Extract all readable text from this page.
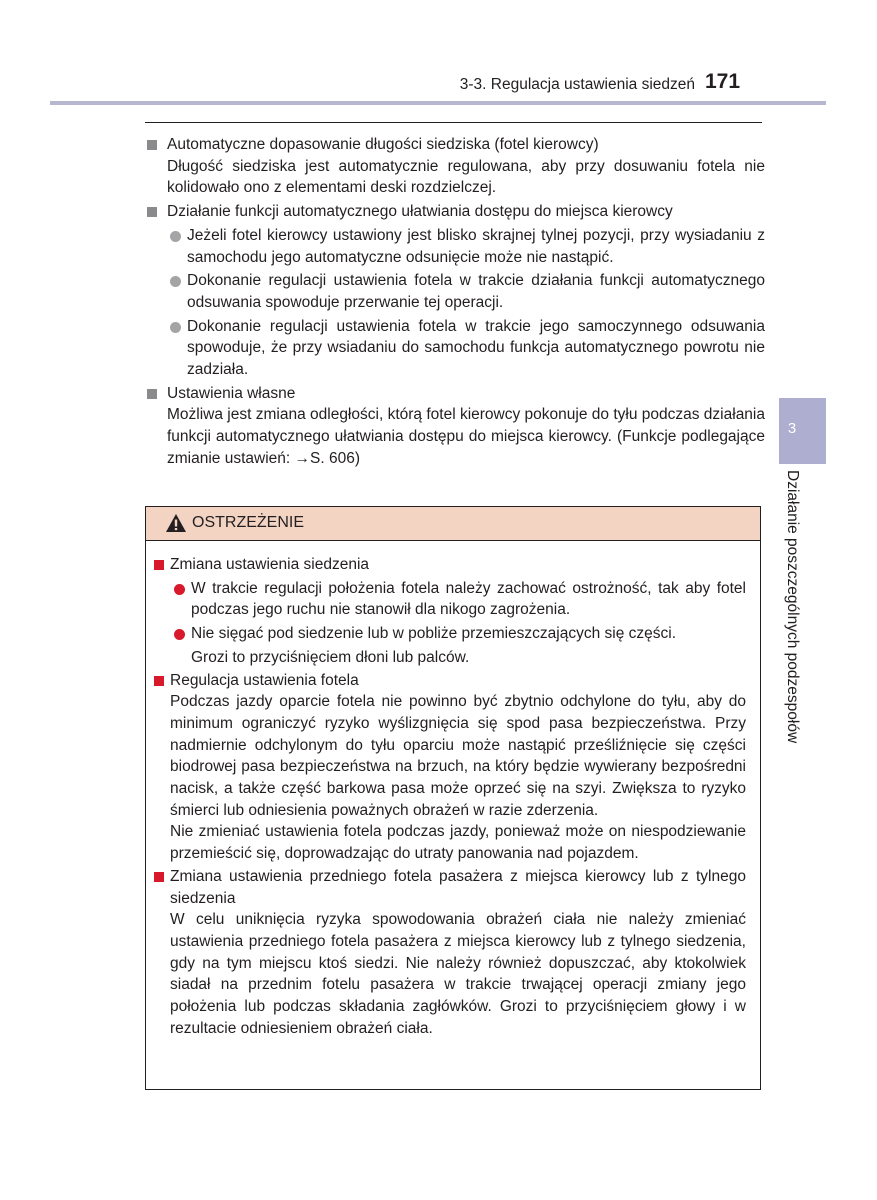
3-3. Regulacja ustawienia siedzeń 171
3
Działanie poszczególnych podzespołów
Automatyczne dopasowanie długości siedziska (fotel kierowcy)
Długość siedziska jest automatycznie regulowana, aby przy dosuwaniu fotela nie kolidowało ono z elementami deski rozdzielczej.
Działanie funkcji automatycznego ułatwiania dostępu do miejsca kierowcy
Jeżeli fotel kierowcy ustawiony jest blisko skrajnej tylnej pozycji, przy wysiadaniu z samochodu jego automatyczne odsunięcie może nie nastąpić.
Dokonanie regulacji ustawienia fotela w trakcie działania funkcji automatycznego odsuwania spowoduje przerwanie tej operacji.
Dokonanie regulacji ustawienia fotela w trakcie jego samoczynnego odsuwania spowoduje, że przy wsiadaniu do samochodu funkcja automatycznego powrotu nie zadziała.
Ustawienia własne
Możliwa jest zmiana odległości, którą fotel kierowcy pokonuje do tyłu podczas działania funkcji automatycznego ułatwiania dostępu do miejsca kierowcy. (Funkcje podlegające zmianie ustawień: →S. 606)
OSTRZEŻENIE
Zmiana ustawienia siedzenia
W trakcie regulacji położenia fotela należy zachować ostrożność, tak aby fotel podczas jego ruchu nie stanowił dla nikogo zagrożenia.
Nie sięgać pod siedzenie lub w pobliże przemieszczających się części.
Grozi to przyciśnięciem dłoni lub palców.
Regulacja ustawienia fotela

Podczas jazdy oparcie fotela nie powinno być zbytnio odchylone do tyłu, aby do minimum ograniczyć ryzyko wyślizgnięcia się spod pasa bezpieczeństwa. Przy nadmiernie odchylonym do tyłu oparciu może nastąpić prześliźnięcie się części biodrowej pasa bezpieczeństwa na brzuch, na który będzie wywierany bezpośredni nacisk, a także część barkowa pasa może oprzeć się na szyi. Zwiększa to ryzyko śmierci lub odniesienia poważnych obrażeń w razie zderzenia.

Nie zmieniać ustawienia fotela podczas jazdy, ponieważ może on niespodziewanie przemieścić się, doprowadzając do utraty panowania nad pojazdem.

Zmiana ustawienia przedniego fotela pasażera z miejsca kierowcy lub z tylnego siedzenia

W celu uniknięcia ryzyka spowodowania obrażeń ciała nie należy zmieniać ustawienia przedniego fotela pasażera z miejsca kierowcy lub z tylnego siedzenia, gdy na tym miejscu ktoś siedzi. Nie należy również dopuszczać, aby ktokolwiek siadał na przednim fotelu pasażera w trakcie trwającej operacji zmiany jego położenia lub podczas składania zagłówków. Grozi to przyciśnięciem głowy i w rezultacie odniesieniem obrażeń ciała.
